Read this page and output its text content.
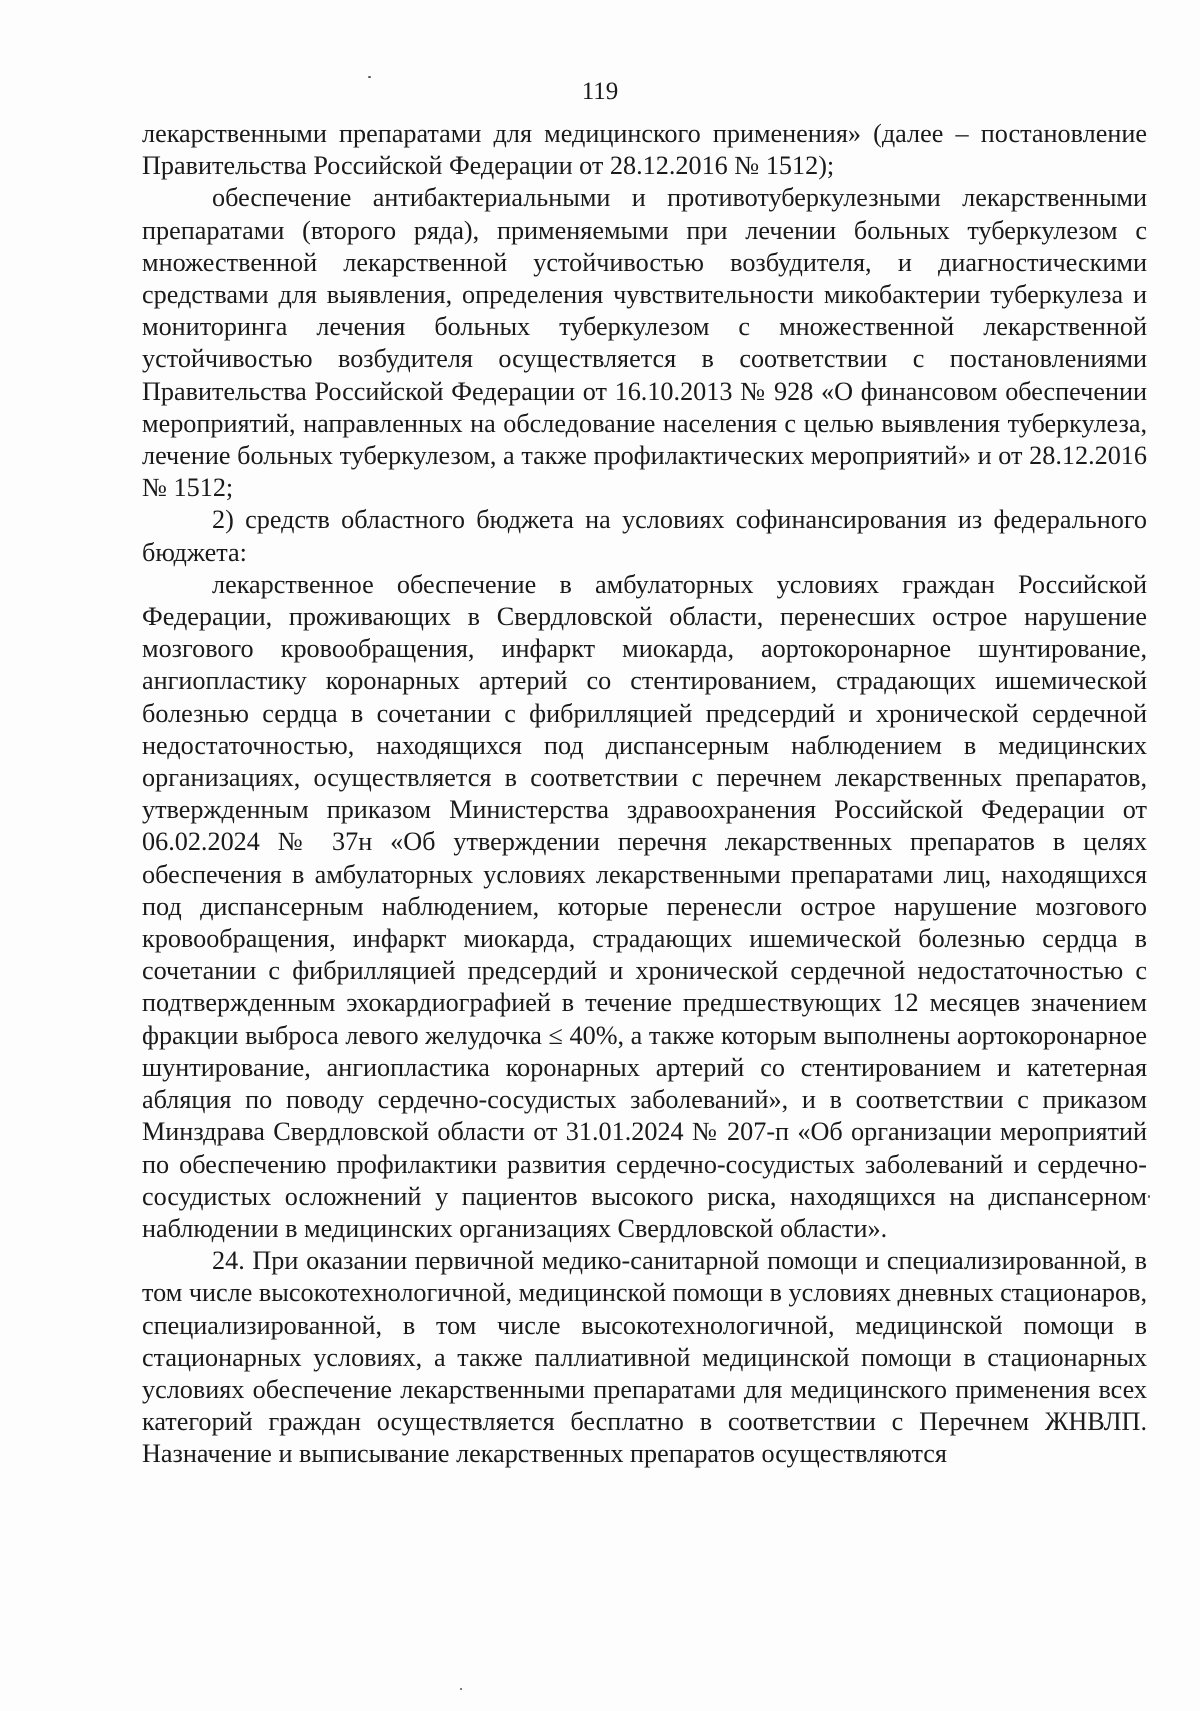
119

лекарственными препаратами для медицинского применения» (далее – постановление Правительства Российской Федерации от 28.12.2016 № 1512);

обеспечение антибактериальными и противотуберкулезными лекарственными препаратами (второго ряда), применяемыми при лечении больных туберкулезом с множественной лекарственной устойчивостью возбудителя, и диагностическими средствами для выявления, определения чувствительности микобактерии туберкулеза и мониторинга лечения больных туберкулезом с множественной лекарственной устойчивостью возбудителя осуществляется в соответствии с постановлениями Правительства Российской Федерации от 16.10.2013 № 928 «О финансовом обеспечении мероприятий, направленных на обследование населения с целью выявления туберкулеза, лечение больных туберкулезом, а также профилактических мероприятий» и от 28.12.2016 № 1512;

2) средств областного бюджета на условиях софинансирования из федерального бюджета:

лекарственное обеспечение в амбулаторных условиях граждан Российской Федерации, проживающих в Свердловской области, перенесших острое нарушение мозгового кровообращения, инфаркт миокарда, аортокоронарное шунтирование, ангиопластику коронарных артерий со стентированием, страдающих ишемической болезнью сердца в сочетании с фибрилляцией предсердий и хронической сердечной недостаточностью, находящихся под диспансерным наблюдением в медицинских организациях, осуществляется в соответствии с перечнем лекарственных препаратов, утвержденным приказом Министерства здравоохранения Российской Федерации от 06.02.2024 № 37н «Об утверждении перечня лекарственных препаратов в целях обеспечения в амбулаторных условиях лекарственными препаратами лиц, находящихся под диспансерным наблюдением, которые перенесли острое нарушение мозгового кровообращения, инфаркт миокарда, страдающих ишемической болезнью сердца в сочетании с фибрилляцией предсердий и хронической сердечной недостаточностью с подтвержденным эхокардиографией в течение предшествующих 12 месяцев значением фракции выброса левого желудочка ≤ 40%, а также которым выполнены аортокоронарное шунтирование, ангиопластика коронарных артерий со стентированием и катетерная абляция по поводу сердечно-сосудистых заболеваний», и в соответствии с приказом Минздрава Свердловской области от 31.01.2024 № 207-п «Об организации мероприятий по обеспечению профилактики развития сердечно-сосудистых заболеваний и сердечно-сосудистых осложнений у пациентов высокого риска, находящихся на диспансерном наблюдении в медицинских организациях Свердловской области».

24. При оказании первичной медико-санитарной помощи и специализированной, в том числе высокотехнологичной, медицинской помощи в условиях дневных стационаров, специализированной, в том числе высокотехнологичной, медицинской помощи в стационарных условиях, а также паллиативной медицинской помощи в стационарных условиях обеспечение лекарственными препаратами для медицинского применения всех категорий граждан осуществляется бесплатно в соответствии с Перечнем ЖНВЛП. Назначение и выписывание лекарственных препаратов осуществляются
